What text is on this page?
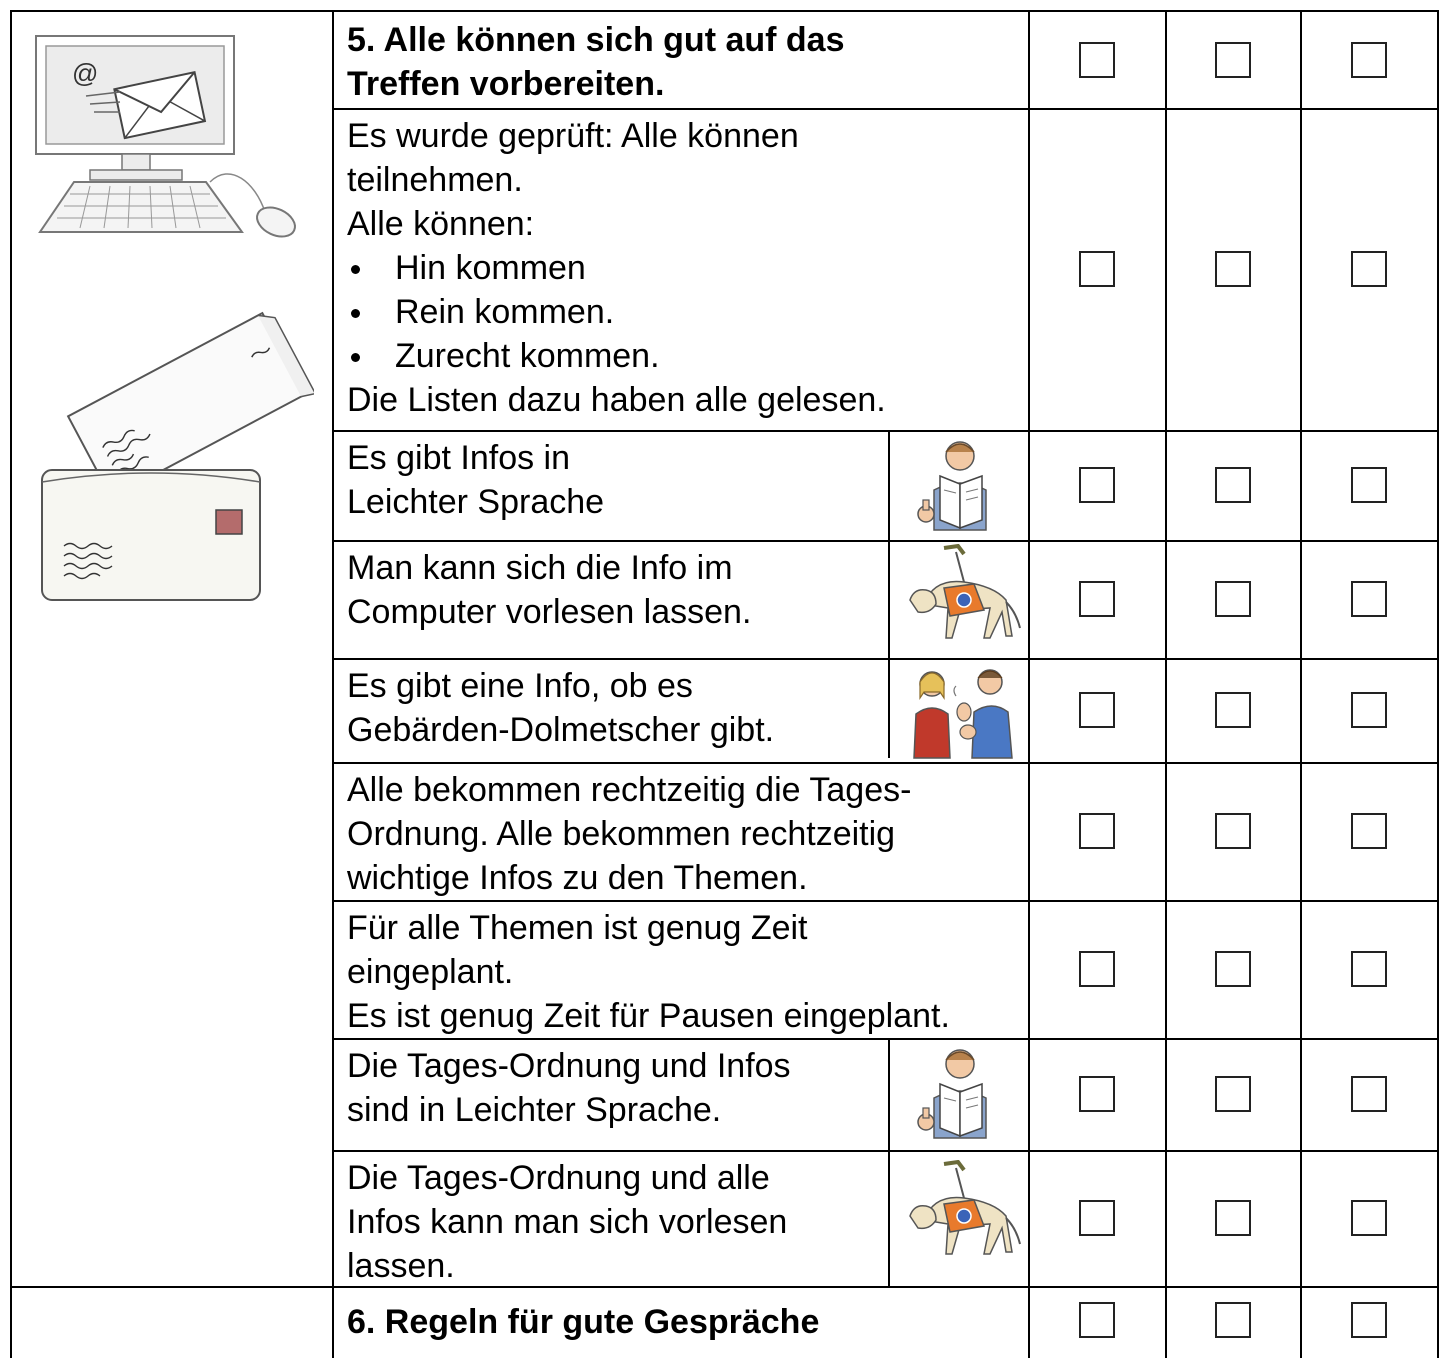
@
5. Alle können sich gut auf das
Treffen vorbereiten.
Es wurde geprüft: Alle können
teilnehmen.
Alle können:
Hin kommen
Rein kommen.
Zurecht kommen.
Die Listen dazu haben alle gelesen.
Es gibt Infos in
Leichter Sprache
Man kann sich die Info im
Computer vorlesen lassen.
Es gibt eine Info, ob es
Gebärden-Dolmetscher gibt.
Alle bekommen rechtzeitig die Tages-
Ordnung. Alle bekommen rechtzeitig
wichtige Infos zu den Themen.
Für alle Themen ist genug Zeit
eingeplant.
Es ist genug Zeit für Pausen eingeplant.
Die Tages-Ordnung und Infos
sind in Leichter Sprache.
Die Tages-Ordnung und alle
Infos kann man sich vorlesen
lassen.
6. Regeln für gute Gespräche
